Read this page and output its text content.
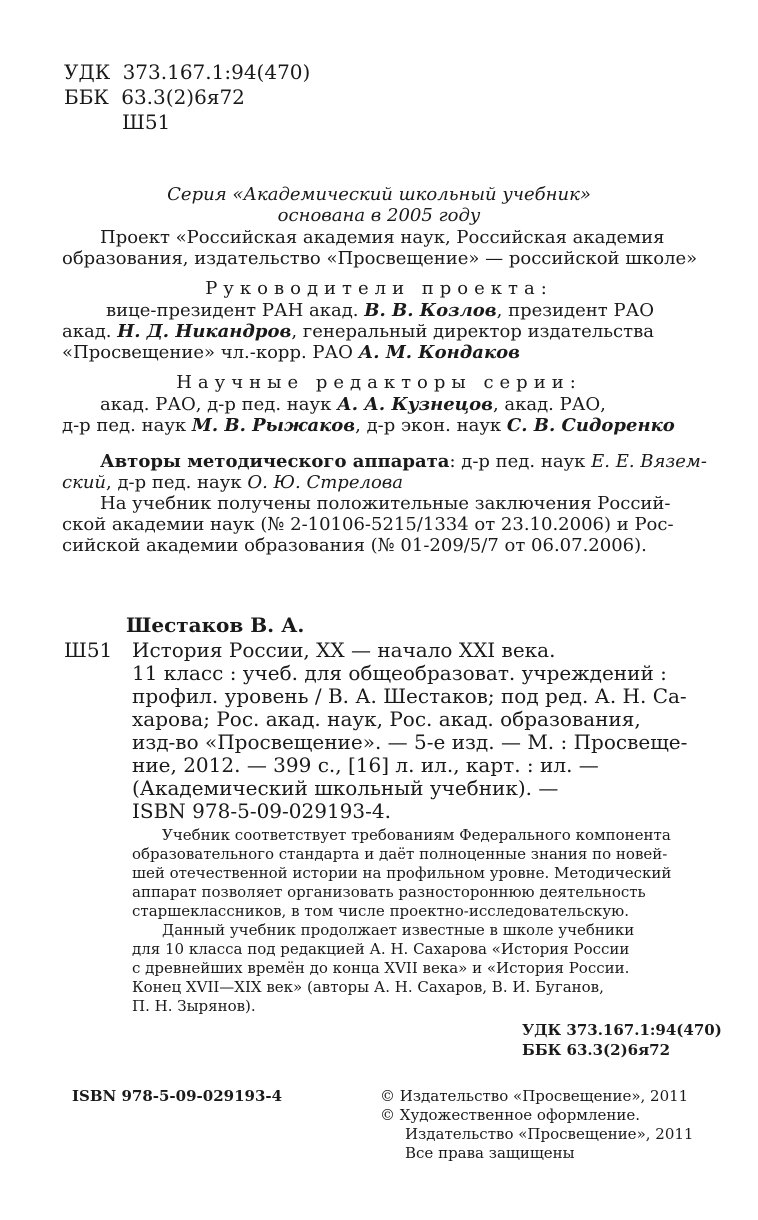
УДК 373.167.1:94(470)
ББК 63.3(2)6я72
Ш51
Серия «Академический школьный учебник»
основана в 2005 году
Проект «Российская академия наук, Российская академия
образования, издательство «Просвещение» — российской школе»
Руководители проекта:
вице-президент РАН акад. В. В. Козлов, президент РАО
акад. Н. Д. Никандров, генеральный директор издательства
«Просвещение» чл.-корр. РАО А. М. Кондаков
Научные редакторы серии:
акад. РАО, д-р пед. наук А. А. Кузнецов, акад. РАО,
д-р пед. наук М. В. Рыжаков, д-р экон. наук С. В. Сидоренко
Авторы методического аппарата: д-р пед. наук Е. Е. Вязем-
ский, д-р пед. наук О. Ю. Стрелова
На учебник получены положительные заключения Россий-
ской академии наук (№ 2-10106-5215/1334 от 23.10.2006) и Рос-
сийской академии образования (№ 01-209/5/7 от 06.07.2006).
Шестаков В. А.
Ш51 История России, XX — начало XXI века.
11 класс : учеб. для общеобразоват. учреждений :
профил. уровень / В. А. Шестаков; под ред. А. Н. Са-
харова; Рос. акад. наук, Рос. акад. образования,
изд-во «Просвещение». — 5-е изд. — М. : Просвеще-
ние, 2012. — 399 с., [16] л. ил., карт. : ил. —
(Академический школьный учебник). —
ISBN 978-5-09-029193-4.
Учебник соответствует требованиям Федерального компонента
образовательного стандарта и даёт полноценные знания по новей-
шей отечественной истории на профильном уровне. Методический
аппарат позволяет организовать разностороннюю деятельность
старшеклассников, в том числе проектно-исследовательскую.
Данный учебник продолжает известные в школе учебники
для 10 класса под редакцией А. Н. Сахарова «История России
с древнейших времён до конца XVII века» и «История России.
Конец XVII—XIX век» (авторы А. Н. Сахаров, В. И. Буганов,
П. Н. Зырянов).
УДК 373.167.1:94(470)
ББК 63.3(2)6я72
ISBN 978-5-09-029193-4	© Издательство «Просвещение», 2011
© Художественное оформление.
Издательство «Просвещение», 2011
Все права защищены
